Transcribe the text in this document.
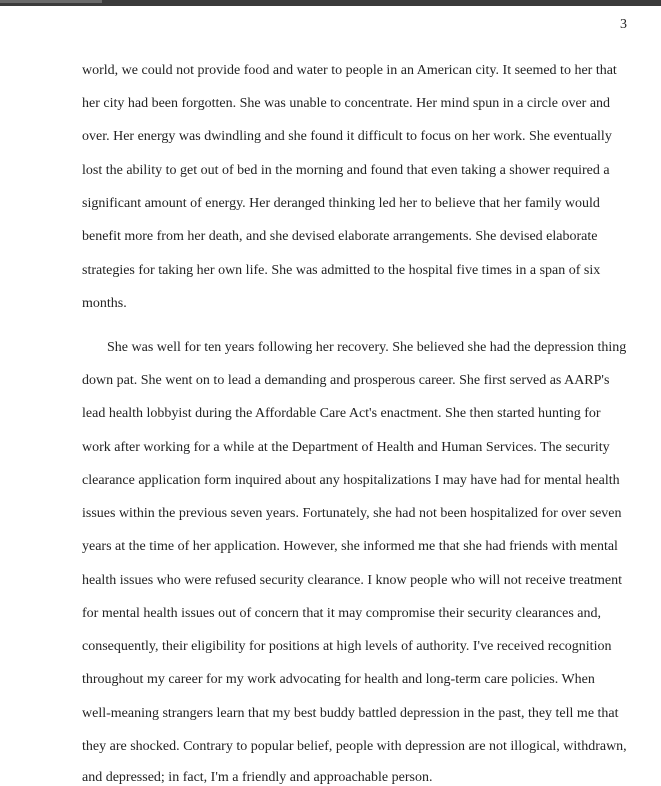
3
world, we could not provide food and water to people in an American city. It seemed to her that
her city had been forgotten. She was unable to concentrate. Her mind spun in a circle over and
over. Her energy was dwindling and she found it difficult to focus on her work. She eventually
lost the ability to get out of bed in the morning and found that even taking a shower required a
significant amount of energy. Her deranged thinking led her to believe that her family would
benefit more from her death, and she devised elaborate arrangements. She devised elaborate
strategies for taking her own life. She was admitted to the hospital five times in a span of six
months.
She was well for ten years following her recovery. She believed she had the depression thing
down pat. She went on to lead a demanding and prosperous career. She first served as AARP's
lead health lobbyist during the Affordable Care Act's enactment. She then started hunting for
work after working for a while at the Department of Health and Human Services. The security
clearance application form inquired about any hospitalizations I may have had for mental health
issues within the previous seven years. Fortunately, she had not been hospitalized for over seven
years at the time of her application. However, she informed me that she had friends with mental
health issues who were refused security clearance. I know people who will not receive treatment
for mental health issues out of concern that it may compromise their security clearances and,
consequently, their eligibility for positions at high levels of authority. I've received recognition
throughout my career for my work advocating for health and long-term care policies. When
well-meaning strangers learn that my best buddy battled depression in the past, they tell me that
they are shocked. Contrary to popular belief, people with depression are not illogical, withdrawn,
and depressed; in fact, I'm a friendly and approachable person.
